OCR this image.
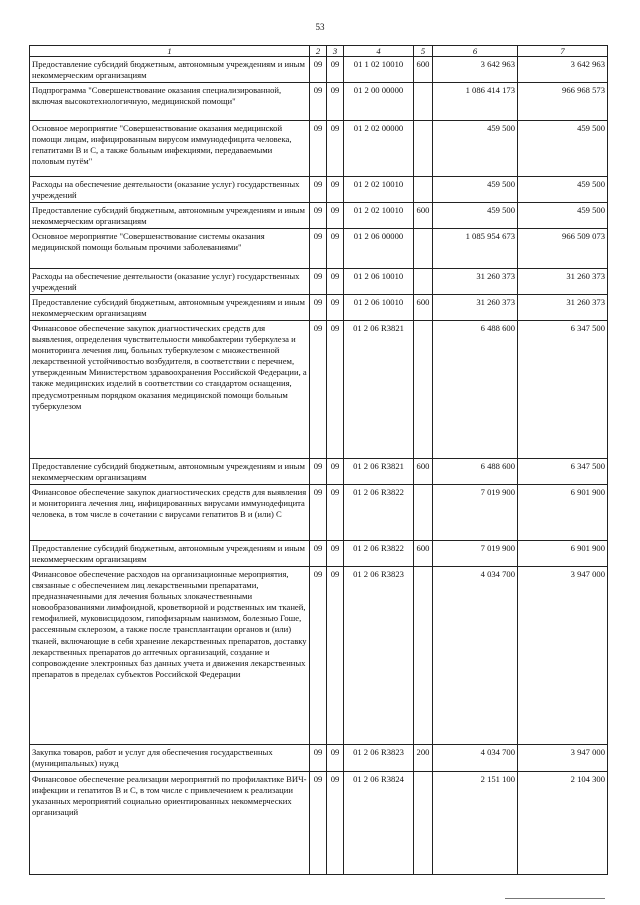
53
1	2	3	4	5	6	7
Предоставление субсидий бюджетным, автономным учреждениям и иным некоммерческим организациям	09	09	01 1 02 10010	600	3 642 963	3 642 963
Подпрограмма "Совершенствование оказания специализированной, включая высокотехнологичную, медицинской помощи"	09	09	01 2 00 00000		1 086 414 173	966 968 573
Основное мероприятие "Совершенствование оказания медицинской помощи лицам, инфицированным вирусом иммунодефицита человека, гепатитами В и С, а также больным инфекциями, передаваемыми половым путём"	09	09	01 2 02 00000		459 500	459 500
Расходы на обеспечение деятельности (оказание услуг) государственных учреждений	09	09	01 2 02 10010		459 500	459 500
Предоставление субсидий бюджетным, автономным учреждениям и иным некоммерческим организациям	09	09	01 2 02 10010	600	459 500	459 500
Основное мероприятие "Совершенствование системы оказания медицинской помощи больным прочими заболеваниями"	09	09	01 2 06 00000		1 085 954 673	966 509 073
Расходы на обеспечение деятельности (оказание услуг) государственных учреждений	09	09	01 2 06 10010		31 260 373	31 260 373
Предоставление субсидий бюджетным, автономным учреждениям и иным некоммерческим организациям	09	09	01 2 06 10010	600	31 260 373	31 260 373
Финансовое обеспечение закупок диагностических средств для выявления, определения чувствительности микобактерии туберкулеза и мониторинга лечения лиц, больных туберкулезом с множественной лекарственной устойчивостью возбудителя, в соответствии с перечнем, утвержденным Министерством здравоохранения Российской Федерации, а также медицинских изделий в соответствии со стандартом оснащения, предусмотренным порядком оказания медицинской помощи больным туберкулезом	09	09	01 2 06 R3821		6 488 600	6 347 500
Предоставление субсидий бюджетным, автономным учреждениям и иным некоммерческим организациям	09	09	01 2 06 R3821	600	6 488 600	6 347 500
Финансовое обеспечение закупок диагностических средств для выявления и мониторинга лечения лиц, инфицированных вирусами иммунодефицита человека, в том числе в сочетании с вирусами гепатитов В и (или) С	09	09	01 2 06 R3822		7 019 900	6 901 900
Предоставление субсидий бюджетным, автономным учреждениям и иным некоммерческим организациям	09	09	01 2 06 R3822	600	7 019 900	6 901 900
Финансовое обеспечение расходов на организационные мероприятия, связанные с обеспечением лиц лекарственными препаратами, предназначенными для лечения больных злокачественными новообразованиями лимфоидной, кроветворной и родственных им тканей, гемофилией, муковисцидозом, гипофизарным нанизмом, болезнью Гоше, рассеянным склерозом, а также после трансплантации органов и (или) тканей, включающие в себя хранение лекарственных препаратов, доставку лекарственных препаратов до аптечных организаций, создание и сопровождение электронных баз данных учета и движения лекарственных препаратов в пределах субъектов Российской Федерации	09	09	01 2 06 R3823		4 034 700	3 947 000
Закупка товаров, работ и услуг для обеспечения государственных (муниципальных) нужд	09	09	01 2 06 R3823	200	4 034 700	3 947 000
Финансовое обеспечение реализации мероприятий по профилактике ВИЧ-инфекции и гепатитов В и С, в том числе с привлечением к реализации указанных мероприятий социально ориентированных некоммерческих организаций	09	09	01 2 06 R3824		2 151 100	2 104 300
